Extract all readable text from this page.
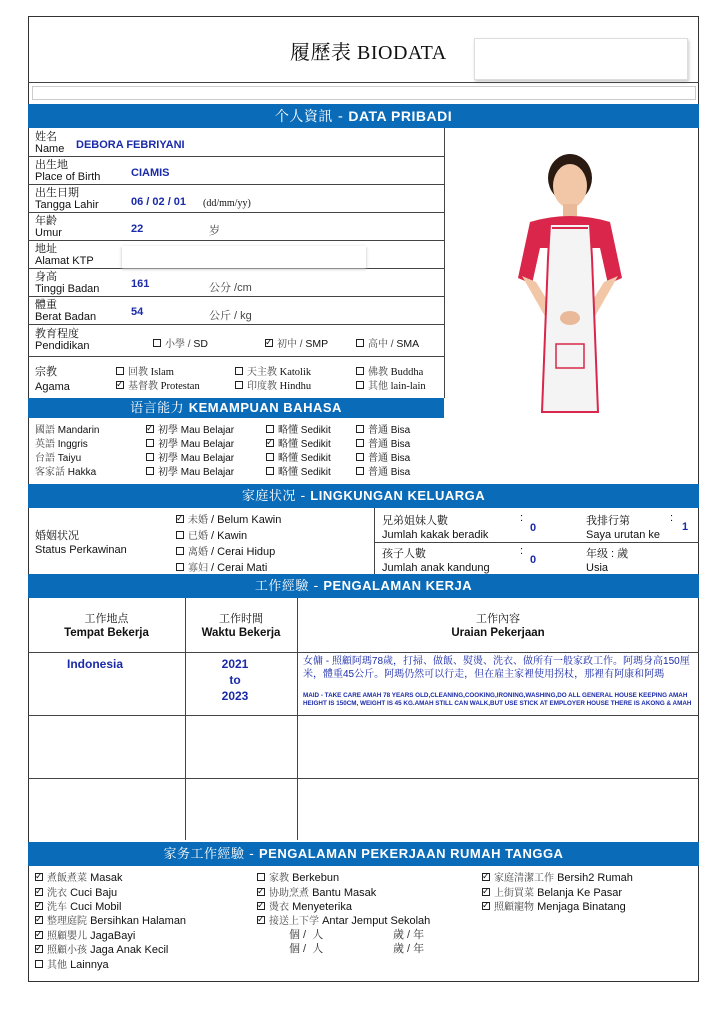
履歷表 BIODATA
个人資訊 - DATA PRIBADI
姓名
Name DEBORA FEBRIYANI
出生地
Place of Birth	CIAMIS
出生日期
Tangga Lahir	06 / 02 / 01 (dd/mm/yy)
年齡
Umur	22	岁
地址
Alamat KTP
身高
Tinggi Badan	161	公分 /cm
體重
Berat Badan	54	公斤 / kg
教育程度
Pendidikan	小學 / SD
✓	初中 / SMP	高中 / SMA
宗教
Agama
回教 Islam	天主教 Katolik	佛教 Buddha
✓基督教 Protestan	印度教 Hindhu	其他 lain-lain
语言能力 KEMAMPUAN BAHASA
國語 Mandarin
英語 Inggris
台語 Taiyu
客家話 Hakka
✓初學 Mau Belajar
初學 Mau Belajar
初學 Mau Belajar
初學 Mau Belajar
略懂 Sedikit
✓略懂 Sedikit
略懂 Sedikit
略懂 Sedikit
普通 Bisa
普通 Bisa
普通 Bisa
普通 Bisa
家庭状况 - LINGKUNGAN KELUARGA
婚姻状况
Status Perkawinan
✓未婚 / Belum Kawin
已婚 / Kawin
离婚 / Cerai Hidup
寡妇 / Cerai Mati
兄弟姐妹人數
Jumlah kakak beradik
:
0
我排行第
Saya urutan ke
:
1
孩子人數
Jumlah anak kandung
:
0	年级 : 歲
Usia
工作經驗 - PENGALAMAN KERJA
工作地点
Tempat Bekerja
工作时間
Waktu Bekerja
工作內容
Uraian Pekerjaan
Indonesia	2021
to
2023
女傭 - 照顧阿瑪78歲，打掃、做飯、熨燙、洗衣、做所有一般家政工作。阿瑪身高150厘米，體重45公斤。阿瑪仍然可以行走，但在雇主家裡使用拐杖，那裡有阿康和阿瑪
MAID - TAKE CARE AMAH 78 YEARS OLD,CLEANING,COOKING,IRONING,WASHING,DO ALL GENERAL HOUSE KEEPING AMAH HEIGHT IS 150CM, WEIGHT IS 45 KG.AMAH STILL CAN WALK,BUT USE STICK AT EMPLOYER HOUSE THERE IS AKONG & AMAH
家务工作經驗 - PENGALAMAN PEKERJAAN RUMAH TANGGA
✓煮飯煮菜 Masak
✓洗衣 Cuci Baju
✓洗车 Cuci Mobil
✓整理庭院 Bersihkan Halaman
✓照顧嬰儿 JagaBayi
✓照顧小孩 Jaga Anak Kecil
其他 Lainnya
家教 Berkebun
✓协助烹煮 Bantu Masak
✓燙衣 Menyeterika
✓接送上下学 Antar Jemput Sekolah
個 /  人	歲 / 年
個 /  人	歲 / 年
✓家庭清潔工作 Bersih2 Rumah
✓上街買菜 Belanja Ke Pasar
✓照顧寵物 Menjaga Binatang
